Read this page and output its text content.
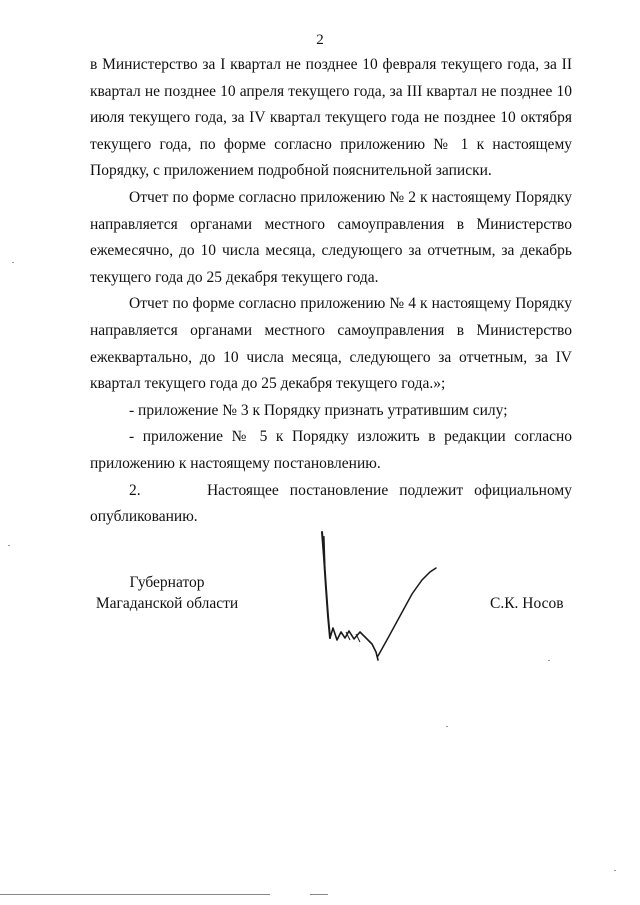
2

в Министерство за I квартал не позднее 10 февраля текущего года, за II квартал не позднее 10 апреля текущего года, за III квартал не позднее 10 июля текущего года, за IV квартал текущего года не позднее 10 октября текущего года, по форме согласно приложению № 1 к настоящему Порядку, с приложением подробной пояснительной записки.

Отчет по форме согласно приложению № 2 к настоящему Порядку направляется органами местного самоуправления в Министерство ежемесячно, до 10 числа месяца, следующего за отчетным, за декабрь текущего года до 25 декабря текущего года.

Отчет по форме согласно приложению № 4 к настоящему Порядку направляется органами местного самоуправления в Министерство ежеквартально, до 10 числа месяца, следующего за отчетным, за IV квартал текущего года до 25 декабря текущего года.»;

- приложение № 3 к Порядку признать утратившим силу;

- приложение № 5 к Порядку изложить в редакции согласно приложению к настоящему постановлению.

2.      Настоящее постановление подлежит официальному опубликованию.

Губернатор
Магаданской области	С.К. Носов
